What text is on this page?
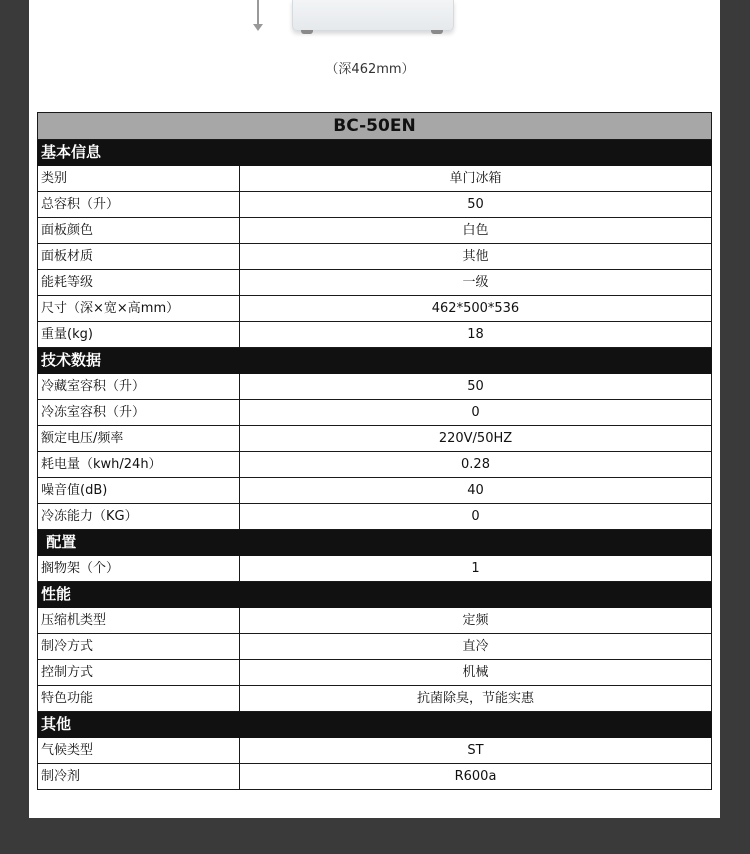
（深462mm）
BC-50EN	
基本信息	
类别	单门冰箱
总容积（升）	50
面板颜色	白色
面板材质	其他
能耗等级	一级
尺寸（深×宽×高mm）	462*500*536
重量(kg)	18
技术数据	
冷藏室容积（升）	50
冷冻室容积（升）	0
额定电压/频率	220V/50HZ
耗电量（kwh/24h）	0.28
噪音值(dB)	40
冷冻能力（KG）	0
配置	
搁物架（个）	1
性能	
压缩机类型	定频
制冷方式	直冷
控制方式	机械
特色功能	抗菌除臭，节能实惠
其他	
气候类型	ST
制冷剂	R600a
